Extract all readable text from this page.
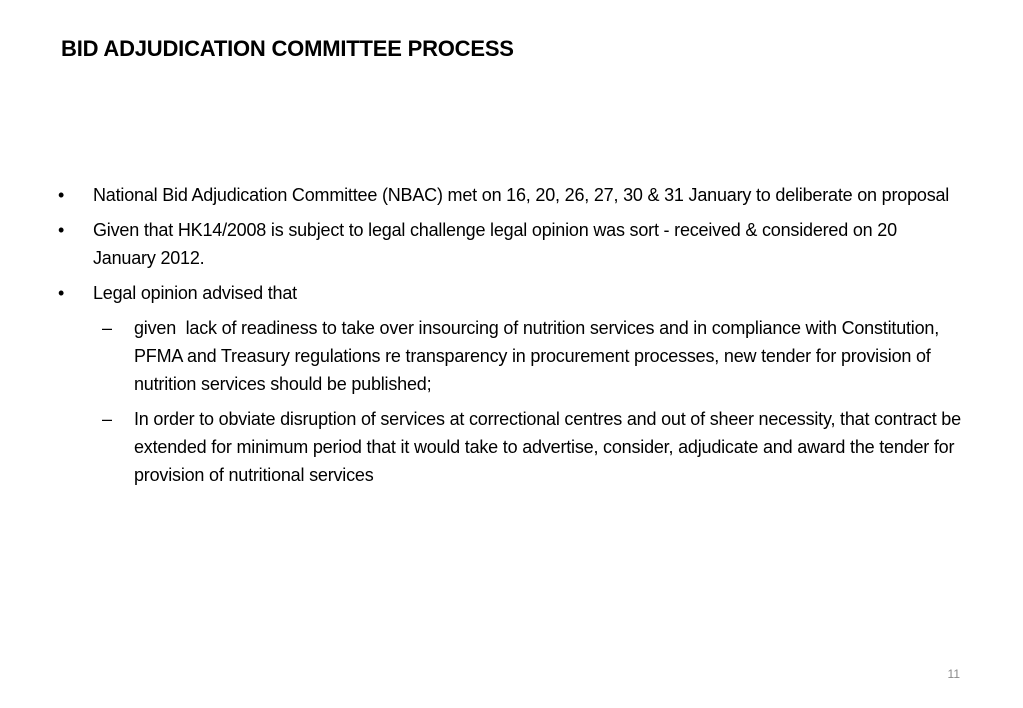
BID ADJUDICATION COMMITTEE PROCESS
• National Bid Adjudication Committee (NBAC) met on 16, 20, 26, 27, 30 & 31 January to deliberate on proposal
• Given that HK14/2008 is subject to legal challenge legal opinion was sort - received & considered on 20 January 2012.
• Legal opinion advised that
– given  lack of readiness to take over insourcing of nutrition services and in compliance with Constitution, PFMA and Treasury regulations re transparency in procurement processes, new tender for provision of nutrition services should be published;
– In order to obviate disruption of services at correctional centres and out of sheer necessity, that contract be extended for minimum period that it would take to advertise, consider, adjudicate and award the tender for provision of nutritional services
11
